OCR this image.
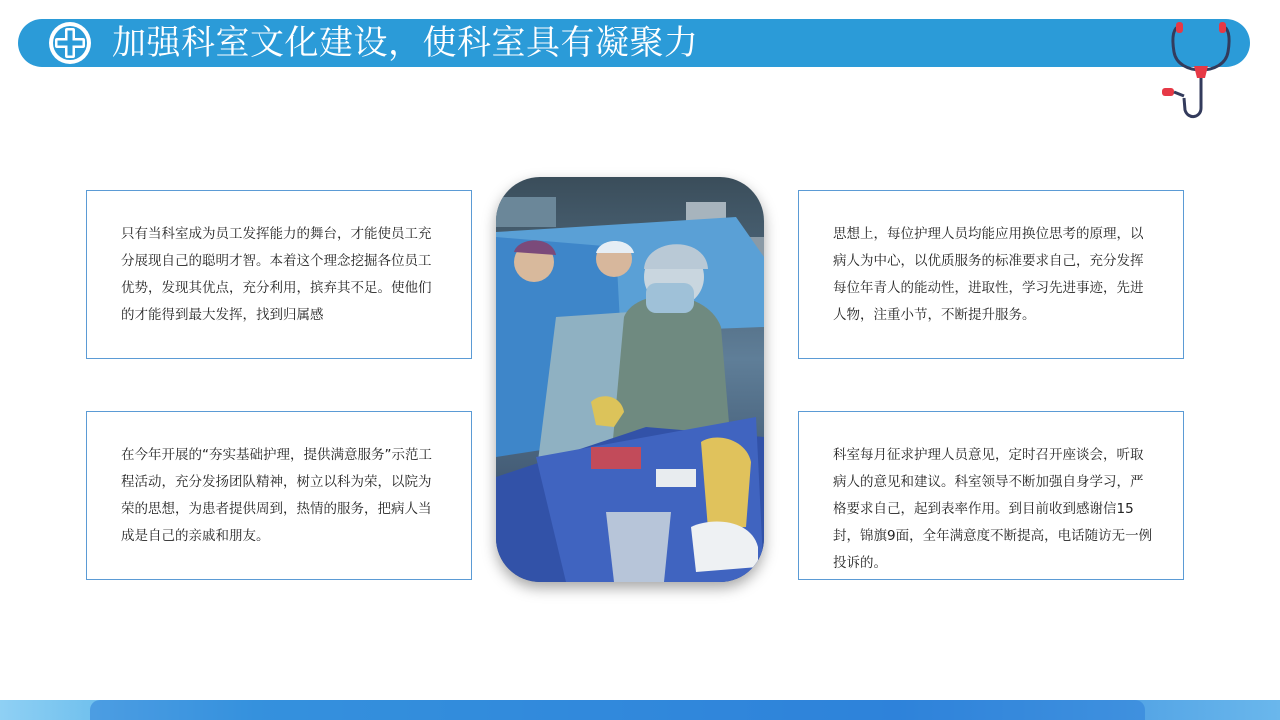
加强科室文化建设，使科室具有凝聚力

只有当科室成为员工发挥能力的舞台，才能使员工充分展现自己的聪明才智。本着这个理念挖掘各位员工优势，发现其优点，充分利用，摈弃其不足。使他们的才能得到最大发挥，找到归属感

思想上，每位护理人员均能应用换位思考的原理，以病人为中心，以优质服务的标准要求自己，充分发挥每位年青人的能动性，进取性，学习先进事迹，先进人物，注重小节，不断提升服务。

在今年开展的“夯实基础护理，提供满意服务”示范工程活动，充分发扬团队精神，树立以科为荣，以院为荣的思想，为患者提供周到，热情的服务，把病人当成是自己的亲戚和朋友。

科室每月征求护理人员意见，定时召开座谈会，听取病人的意见和建议。科室领导不断加强自身学习，严格要求自己，起到表率作用。到目前收到感谢信15封，锦旗9面，全年满意度不断提高，电话随访无一例投诉的。
